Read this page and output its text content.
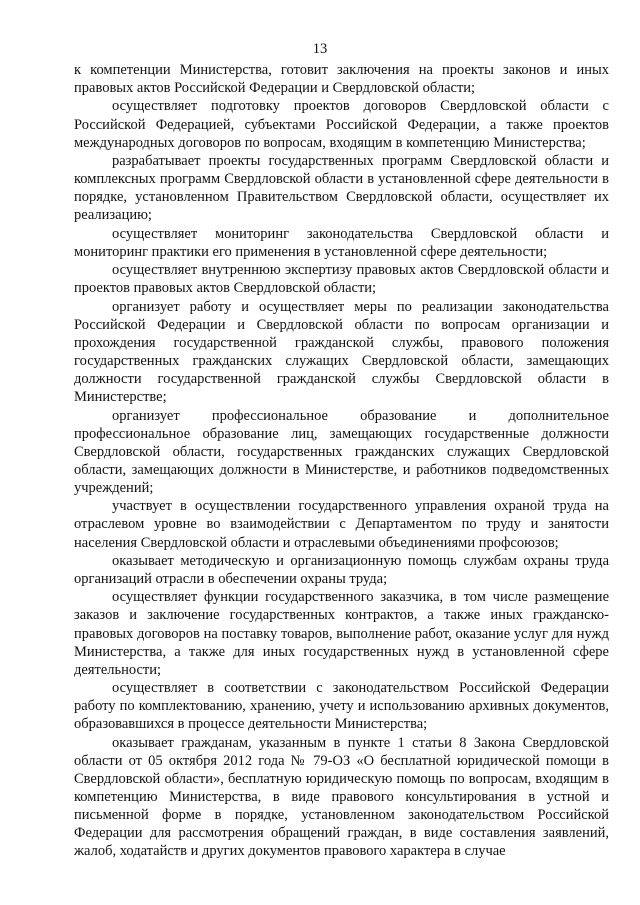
13

к компетенции Министерства, готовит заключения на проекты законов и иных правовых актов Российской Федерации и Свердловской области;

осуществляет подготовку проектов договоров Свердловской области с Российской Федерацией, субъектами Российской Федерации, а также проектов международных договоров по вопросам, входящим в компетенцию Министерства;

разрабатывает проекты государственных программ Свердловской области и комплексных программ Свердловской области в установленной сфере деятельности в порядке, установленном Правительством Свердловской области, осуществляет их реализацию;

осуществляет мониторинг законодательства Свердловской области и мониторинг практики его применения в установленной сфере деятельности;

осуществляет внутреннюю экспертизу правовых актов Свердловской области и проектов правовых актов Свердловской области;

организует работу и осуществляет меры по реализации законодательства Российской Федерации и Свердловской области по вопросам организации и прохождения государственной гражданской службы, правового положения государственных гражданских служащих Свердловской области, замещающих должности государственной гражданской службы Свердловской области в Министерстве;

организует профессиональное образование и дополнительное профессиональное образование лиц, замещающих государственные должности Свердловской области, государственных гражданских служащих Свердловской области, замещающих должности в Министерстве, и работников подведомственных учреждений;

участвует в осуществлении государственного управления охраной труда на отраслевом уровне во взаимодействии с Департаментом по труду и занятости населения Свердловской области и отраслевыми объединениями профсоюзов;

оказывает методическую и организационную помощь службам охраны труда организаций отрасли в обеспечении охраны труда;

осуществляет функции государственного заказчика, в том числе размещение заказов и заключение государственных контрактов, а также иных гражданско-правовых договоров на поставку товаров, выполнение работ, оказание услуг для нужд Министерства, а также для иных государственных нужд в установленной сфере деятельности;

осуществляет в соответствии с законодательством Российской Федерации работу по комплектованию, хранению, учету и использованию архивных документов, образовавшихся в процессе деятельности Министерства;

оказывает гражданам, указанным в пункте 1 статьи 8 Закона Свердловской области от 05 октября 2012 года № 79-ОЗ «О бесплатной юридической помощи в Свердловской области», бесплатную юридическую помощь по вопросам, входящим в компетенцию Министерства, в виде правового консультирования в устной и письменной форме в порядке, установленном законодательством Российской Федерации для рассмотрения обращений граждан, в виде составления заявлений, жалоб, ходатайств и других документов правового характера в случае
